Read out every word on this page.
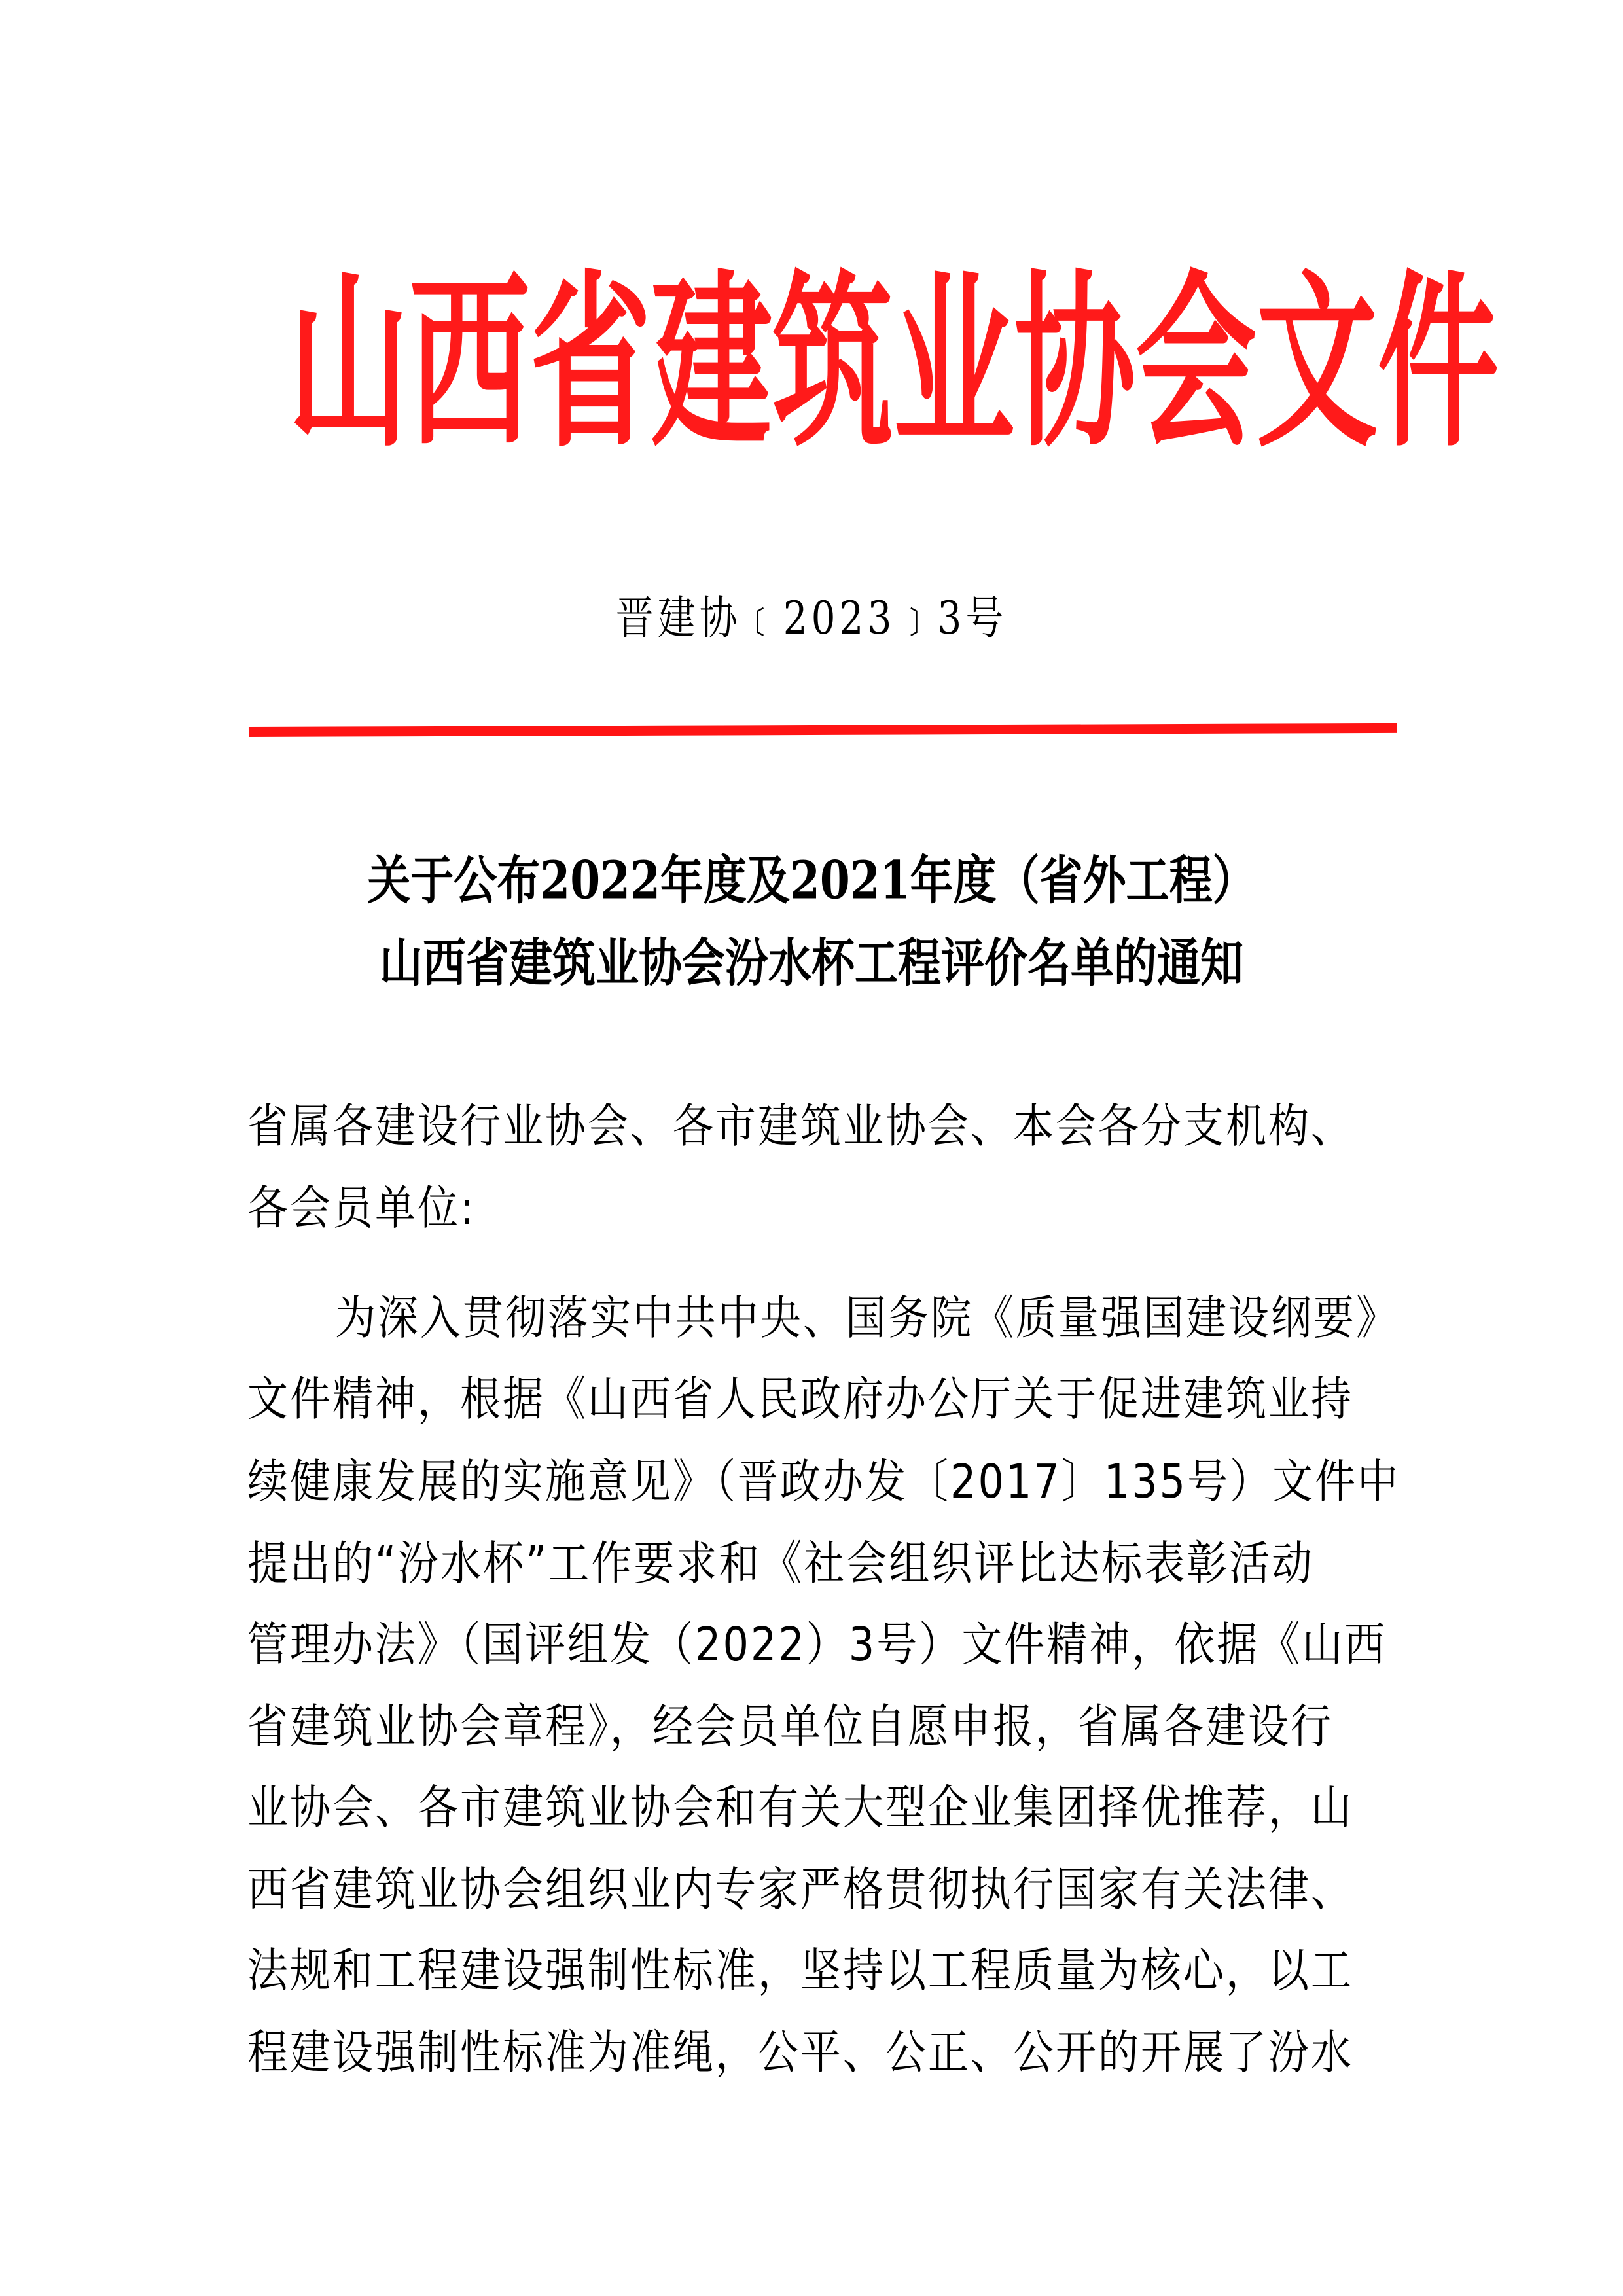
山 西 省 建 筑 业 协 会 文 件
晋建协﹝2023﹞3号
关于公布2022年度及2021年度（省外工程）
山西省建筑业协会汾水杯工程评价名单的通知
省属各建设行业协会、各市建筑业协会、本会各分支机构、
各会员单位:
为深入贯彻落实中共中央、国务院《质量强国建设纲要》
文件精神，根据《山西省人民政府办公厅关于促进建筑业持
续健康发展的实施意见》（晋政办发〔2017〕135号）文件中
提出的“汾水杯”工作要求和《社会组织评比达标表彰活动
管理办法》（国评组发（2022）3号）文件精神，依据《山西
省建筑业协会章程》，经会员单位自愿申报，省属各建设行
业协会、各市建筑业协会和有关大型企业集团择优推荐，山
西省建筑业协会组织业内专家严格贯彻执行国家有关法律、
法规和工程建设强制性标准，坚持以工程质量为核心，以工
程建设强制性标准为准绳，公平、公正、公开的开展了汾水
